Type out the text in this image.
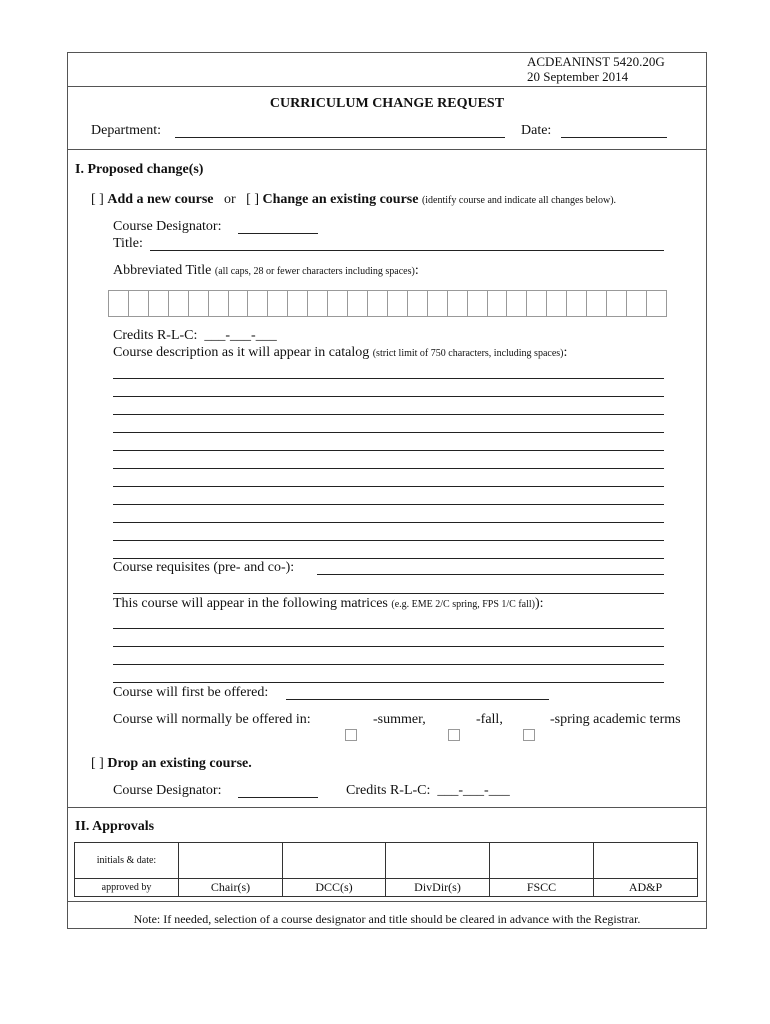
ACDEANINST 5420.20G
20 September 2014
CURRICULUM CHANGE REQUEST
Department:	Date:
I. Proposed change(s)
[ ] Add a new course or [ ] Change an existing course (identify course and indicate all changes below).
Course Designator:
Title:
Abbreviated Title (all caps, 28 or fewer characters including spaces):
Credits R-L-C: ___-___-___
Course description as it will appear in catalog (strict limit of 750 characters, including spaces):
Course requisites (pre- and co-):
This course will appear in the following matrices (e.g. EME 2/C spring, FPS 1/C fall)):
Course will first be offered:
Course will normally be offered in:	-summer,	-fall,	-spring academic terms
[ ] Drop an existing course.
Course Designator:	Credits R-L-C: ___-___-___
II. Approvals
initials & date:					
approved by	Chair(s)	DCC(s)	DivDir(s)	FSCC	AD&P
Note: If needed, selection of a course designator and title should be cleared in advance with the Registrar.
